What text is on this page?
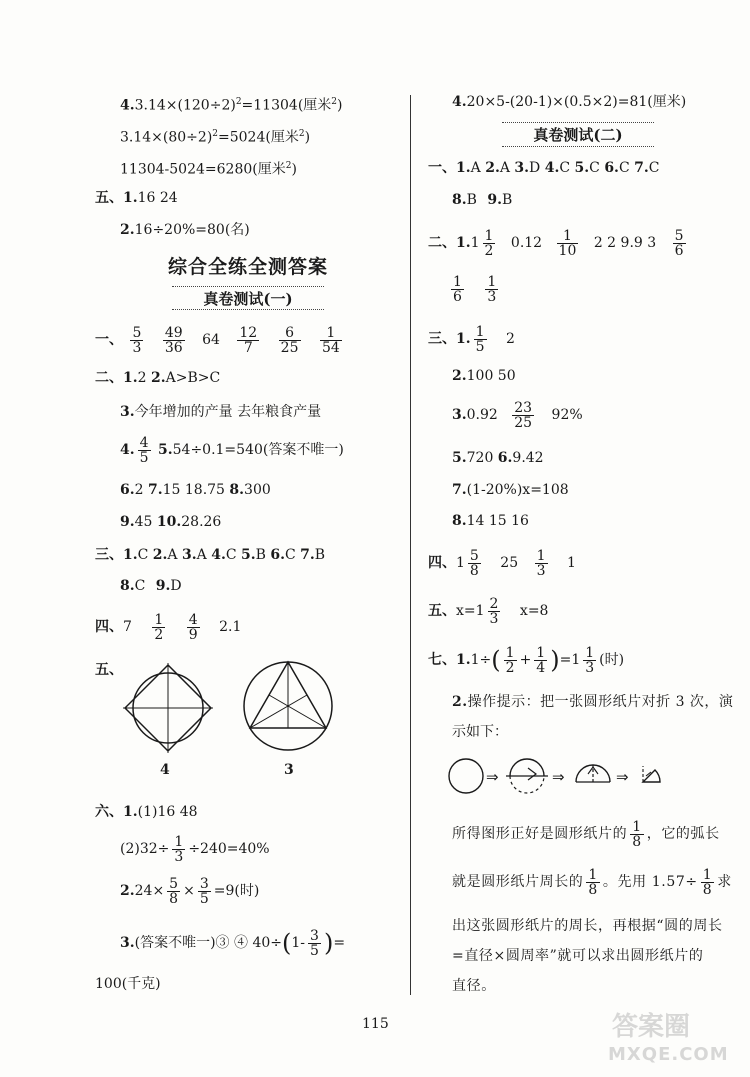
$4.3.14\times(120\div 2)^2=11304$(厘米$^2$)
$3.14\times(80\div 2)^2=5024$(厘米$^2$)
11304-5024=6280(厘米$^2$)
五、1.16 24
2.16÷20%=80(名)
综合全练全测答案
真卷测试(一)
一、 $\frac{5}{3}$
$\frac{49}{36} 64 \frac{12}{7}$
$\frac{6}{25}$
$\frac{1}{54}$
二、1.2 2.A>B>C
3.今年增加的产量 去年粮食产量
4. $\frac{4}{5} 5.54\div 0.1=540$(答案不唯一)
6.2 7.15 18.75 8.300
9.45 10.28.26
三、1.C 2.A 3.A 4.C 5.B 6.C 7.B
8.C 9.D
四、$7 \frac{1}{2}$
$\frac{4}{9} 2.1$
五、
4	3
六、1.(1)16 48
$(2)32\div \frac{1}{3} \div 240=40\%$
$2.24\times \frac{5}{8} \times \frac{3}{5} =9$(时)
3.(答案不唯一)③ ④ $40\div(1- \frac{3}{5}$ )=
100(千克)
4.20×5-(20-1)×(0.5×2)=81(厘米)
真卷测试(二)
一、1.A 2.A 3.D 4.C 5.C 6.C 7.C
8.B 9.B
二、$1.1 \frac{1}{2} 0.12 \frac{1}{10} 2$ 2 9.9 $3 \frac{5}{6}$
$\frac{1}{6}$
$\frac{1}{3}$
三、1. $\frac{1}{5} 2$
2.100 50
$3.0.92 \frac{23}{25} 92\%$
5.720 6.9.42
7.(1-20%)x=108
8.14 15 16
四、$1 \frac{5}{8} 25 \frac{1}{3} 1$
五、$x=1 \frac{2}{3} x=8$
七、$1.1\div( \frac{1}{2} + \frac{1}{4} )=1 \frac{1}{3}$ (时)
2.操作提示：把一张圆形纸片对折 3 次，演
示如下：
⇒	⇒	⇒
所得图形正好是圆形纸片的 $\frac{1}{8}$ ，它的弧长
就是圆形纸片周长的 $\frac{1}{8}$ 。先用 $1.57\div \frac{1}{8}$ 求
出这张圆形纸片的周长，再根据“圆的周长
=直径×圆周率”就可以求出圆形纸片的
直径。
115	答案圈
MXQE.COM
